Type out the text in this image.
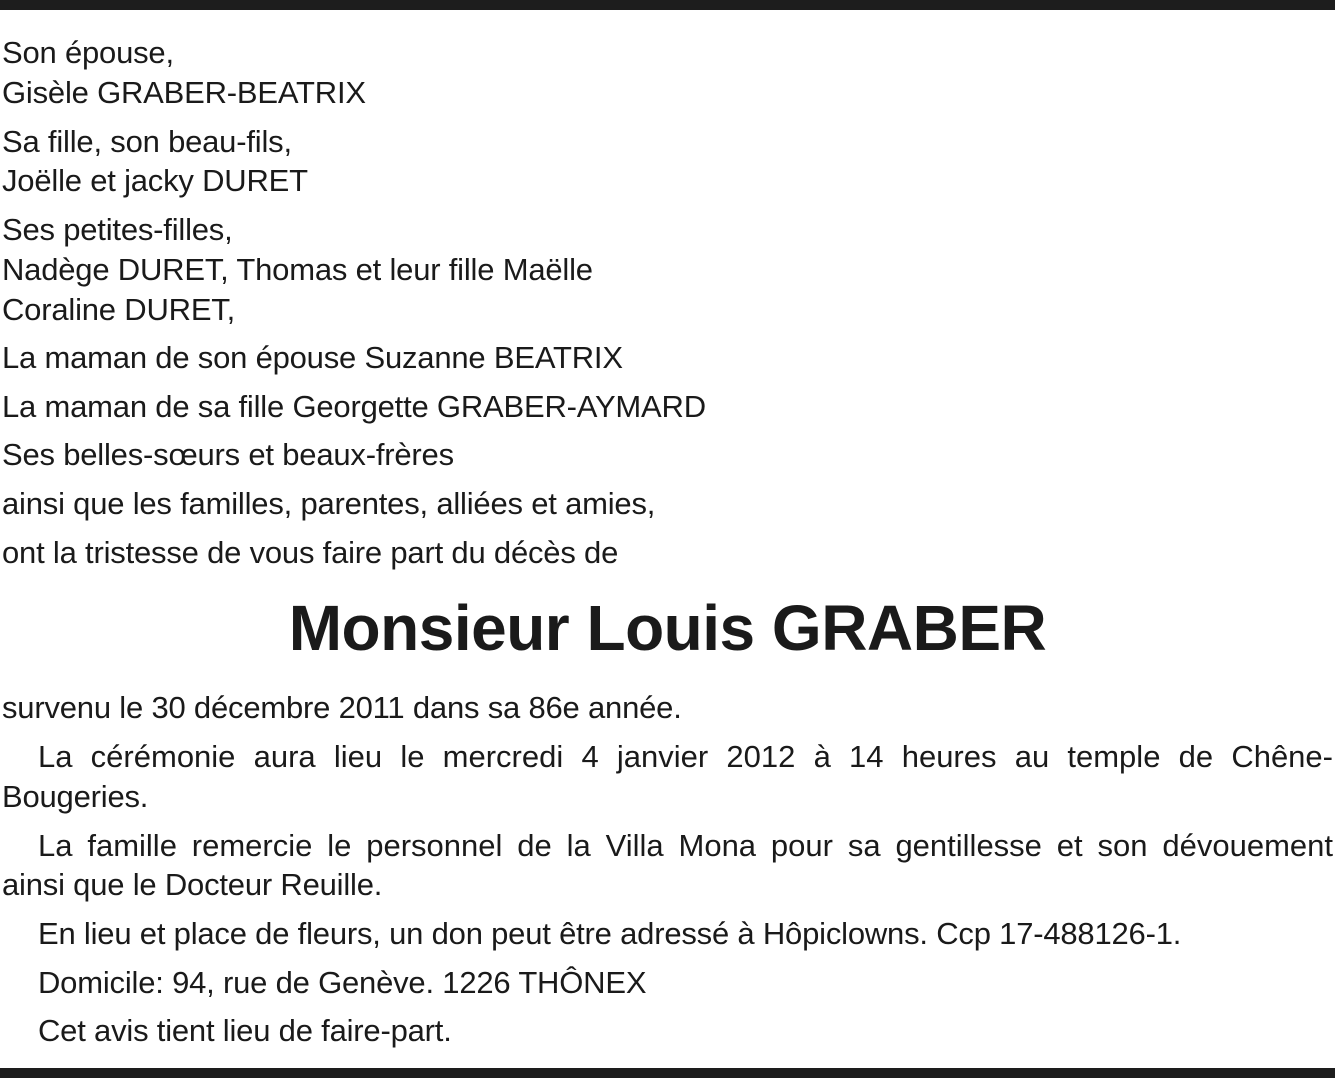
Son épouse,
Gisèle GRABER-BEATRIX
Sa fille, son beau-fils,
Joëlle et jacky DURET
Ses petites-filles,
Nadège DURET, Thomas et leur fille Maëlle
Coraline DURET,
La maman de son épouse Suzanne BEATRIX
La maman de sa fille Georgette GRABER-AYMARD
Ses belles-sœurs et beaux-frères
ainsi que les familles, parentes, alliées et amies,
ont la tristesse de vous faire part du décès de
Monsieur Louis GRABER
survenu le 30 décembre 2011 dans sa 86e année.
La cérémonie aura lieu le mercredi 4 janvier 2012 à 14 heures au temple de Chêne-
Bougeries.
La famille remercie le personnel de la Villa Mona pour sa gentillesse et son dévouement
ainsi que le Docteur Reuille.
En lieu et place de fleurs, un don peut être adressé à Hôpiclowns. Ccp 17-488126-1.
Domicile: 94, rue de Genève. 1226 THÔNEX
Cet avis tient lieu de faire-part.
